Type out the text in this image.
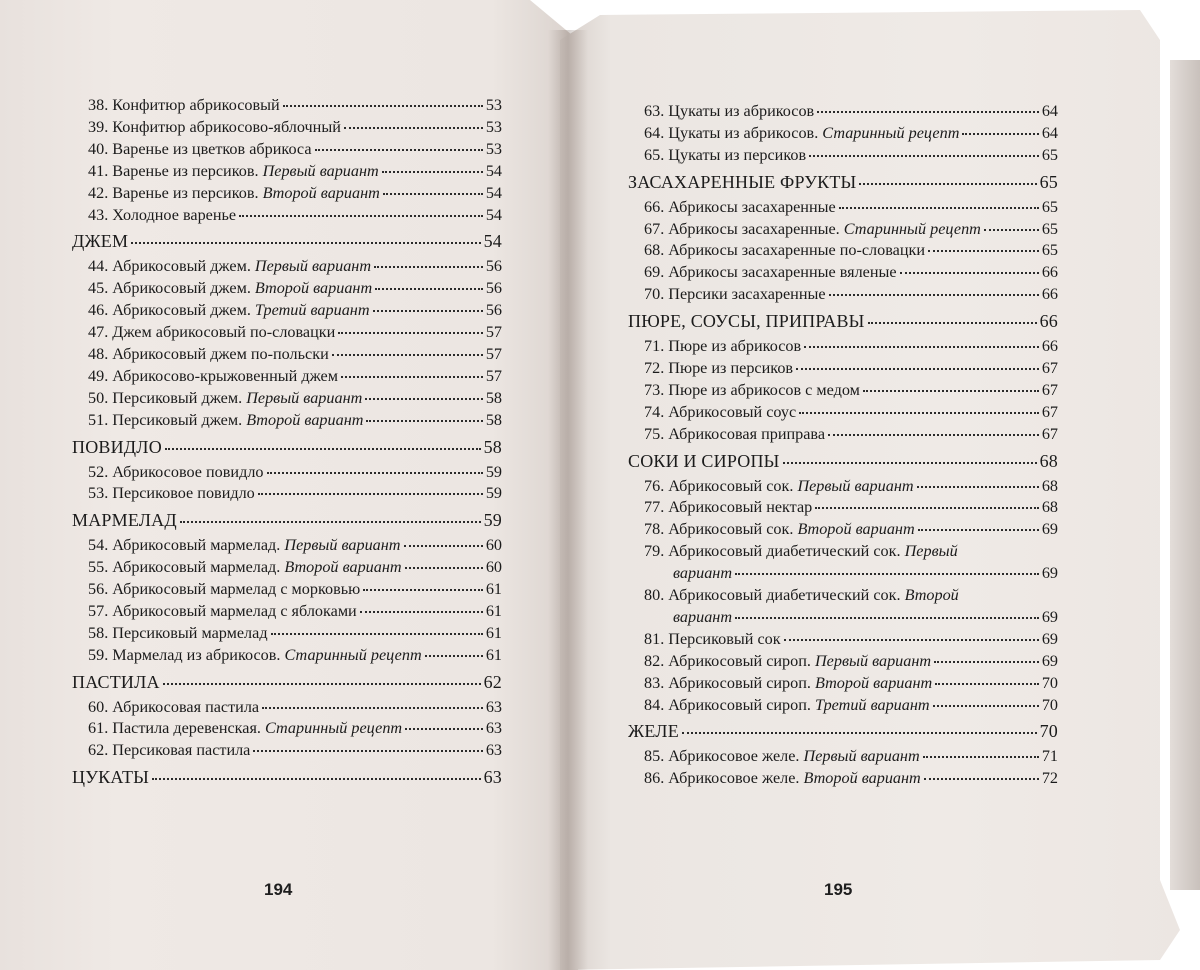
38. Конфитюр абрикосовый	53
39. Конфитюр абрикосово-яблочный	53
40. Варенье из цветков абрикоса	53
41. Варенье из персиков. Первый вариант	54
42. Варенье из персиков. Второй вариант	54
43. Холодное варенье	54
ДЖЕМ	54
44. Абрикосовый джем. Первый вариант	56
45. Абрикосовый джем. Второй вариант	56
46. Абрикосовый джем. Третий вариант	56
47. Джем абрикосовый по-словацки	57
48. Абрикосовый джем по-польски	57
49. Абрикосово-крыжовенный джем	57
50. Персиковый джем. Первый вариант	58
51. Персиковый джем. Второй вариант	58
ПОВИДЛО	58
52. Абрикосовое повидло	59
53. Персиковое повидло	59
МАРМЕЛАД	59
54. Абрикосовый мармелад. Первый вариант	60
55. Абрикосовый мармелад. Второй вариант	60
56. Абрикосовый мармелад с морковью	61
57. Абрикосовый мармелад с яблоками	61
58. Персиковый мармелад	61
59. Мармелад из абрикосов. Старинный рецепт	61
ПАСТИЛА	62
60. Абрикосовая пастила	63
61. Пастила деревенская. Старинный рецепт	63
62. Персиковая пастила	63
ЦУКАТЫ	63
63. Цукаты из абрикосов	64
64. Цукаты из абрикосов. Старинный рецепт	64
65. Цукаты из персиков	65
ЗАСАХАРЕННЫЕ ФРУКТЫ	65
66. Абрикосы засахаренные	65
67. Абрикосы засахаренные. Старинный рецепт	65
68. Абрикосы засахаренные по-словацки	65
69. Абрикосы засахаренные вяленые	66
70. Персики засахаренные	66
ПЮРЕ, СОУСЫ, ПРИПРАВЫ	66
71. Пюре из абрикосов	66
72. Пюре из персиков	67
73. Пюре из абрикосов с медом	67
74. Абрикосовый соус	67
75. Абрикосовая приправа	67
СОКИ И СИРОПЫ	68
76. Абрикосовый сок. Первый вариант	68
77. Абрикосовый нектар	68
78. Абрикосовый сок. Второй вариант	69
79. Абрикосовый диабетический сок. Первый
вариант	69
80. Абрикосовый диабетический сок. Второй
вариант	69
81. Персиковый сок	69
82. Абрикосовый сироп. Первый вариант	69
83. Абрикосовый сироп. Второй вариант	70
84. Абрикосовый сироп. Третий вариант	70
ЖЕЛЕ	70
85. Абрикосовое желе. Первый вариант	71
86. Абрикосовое желе. Второй вариант	72
194	195
